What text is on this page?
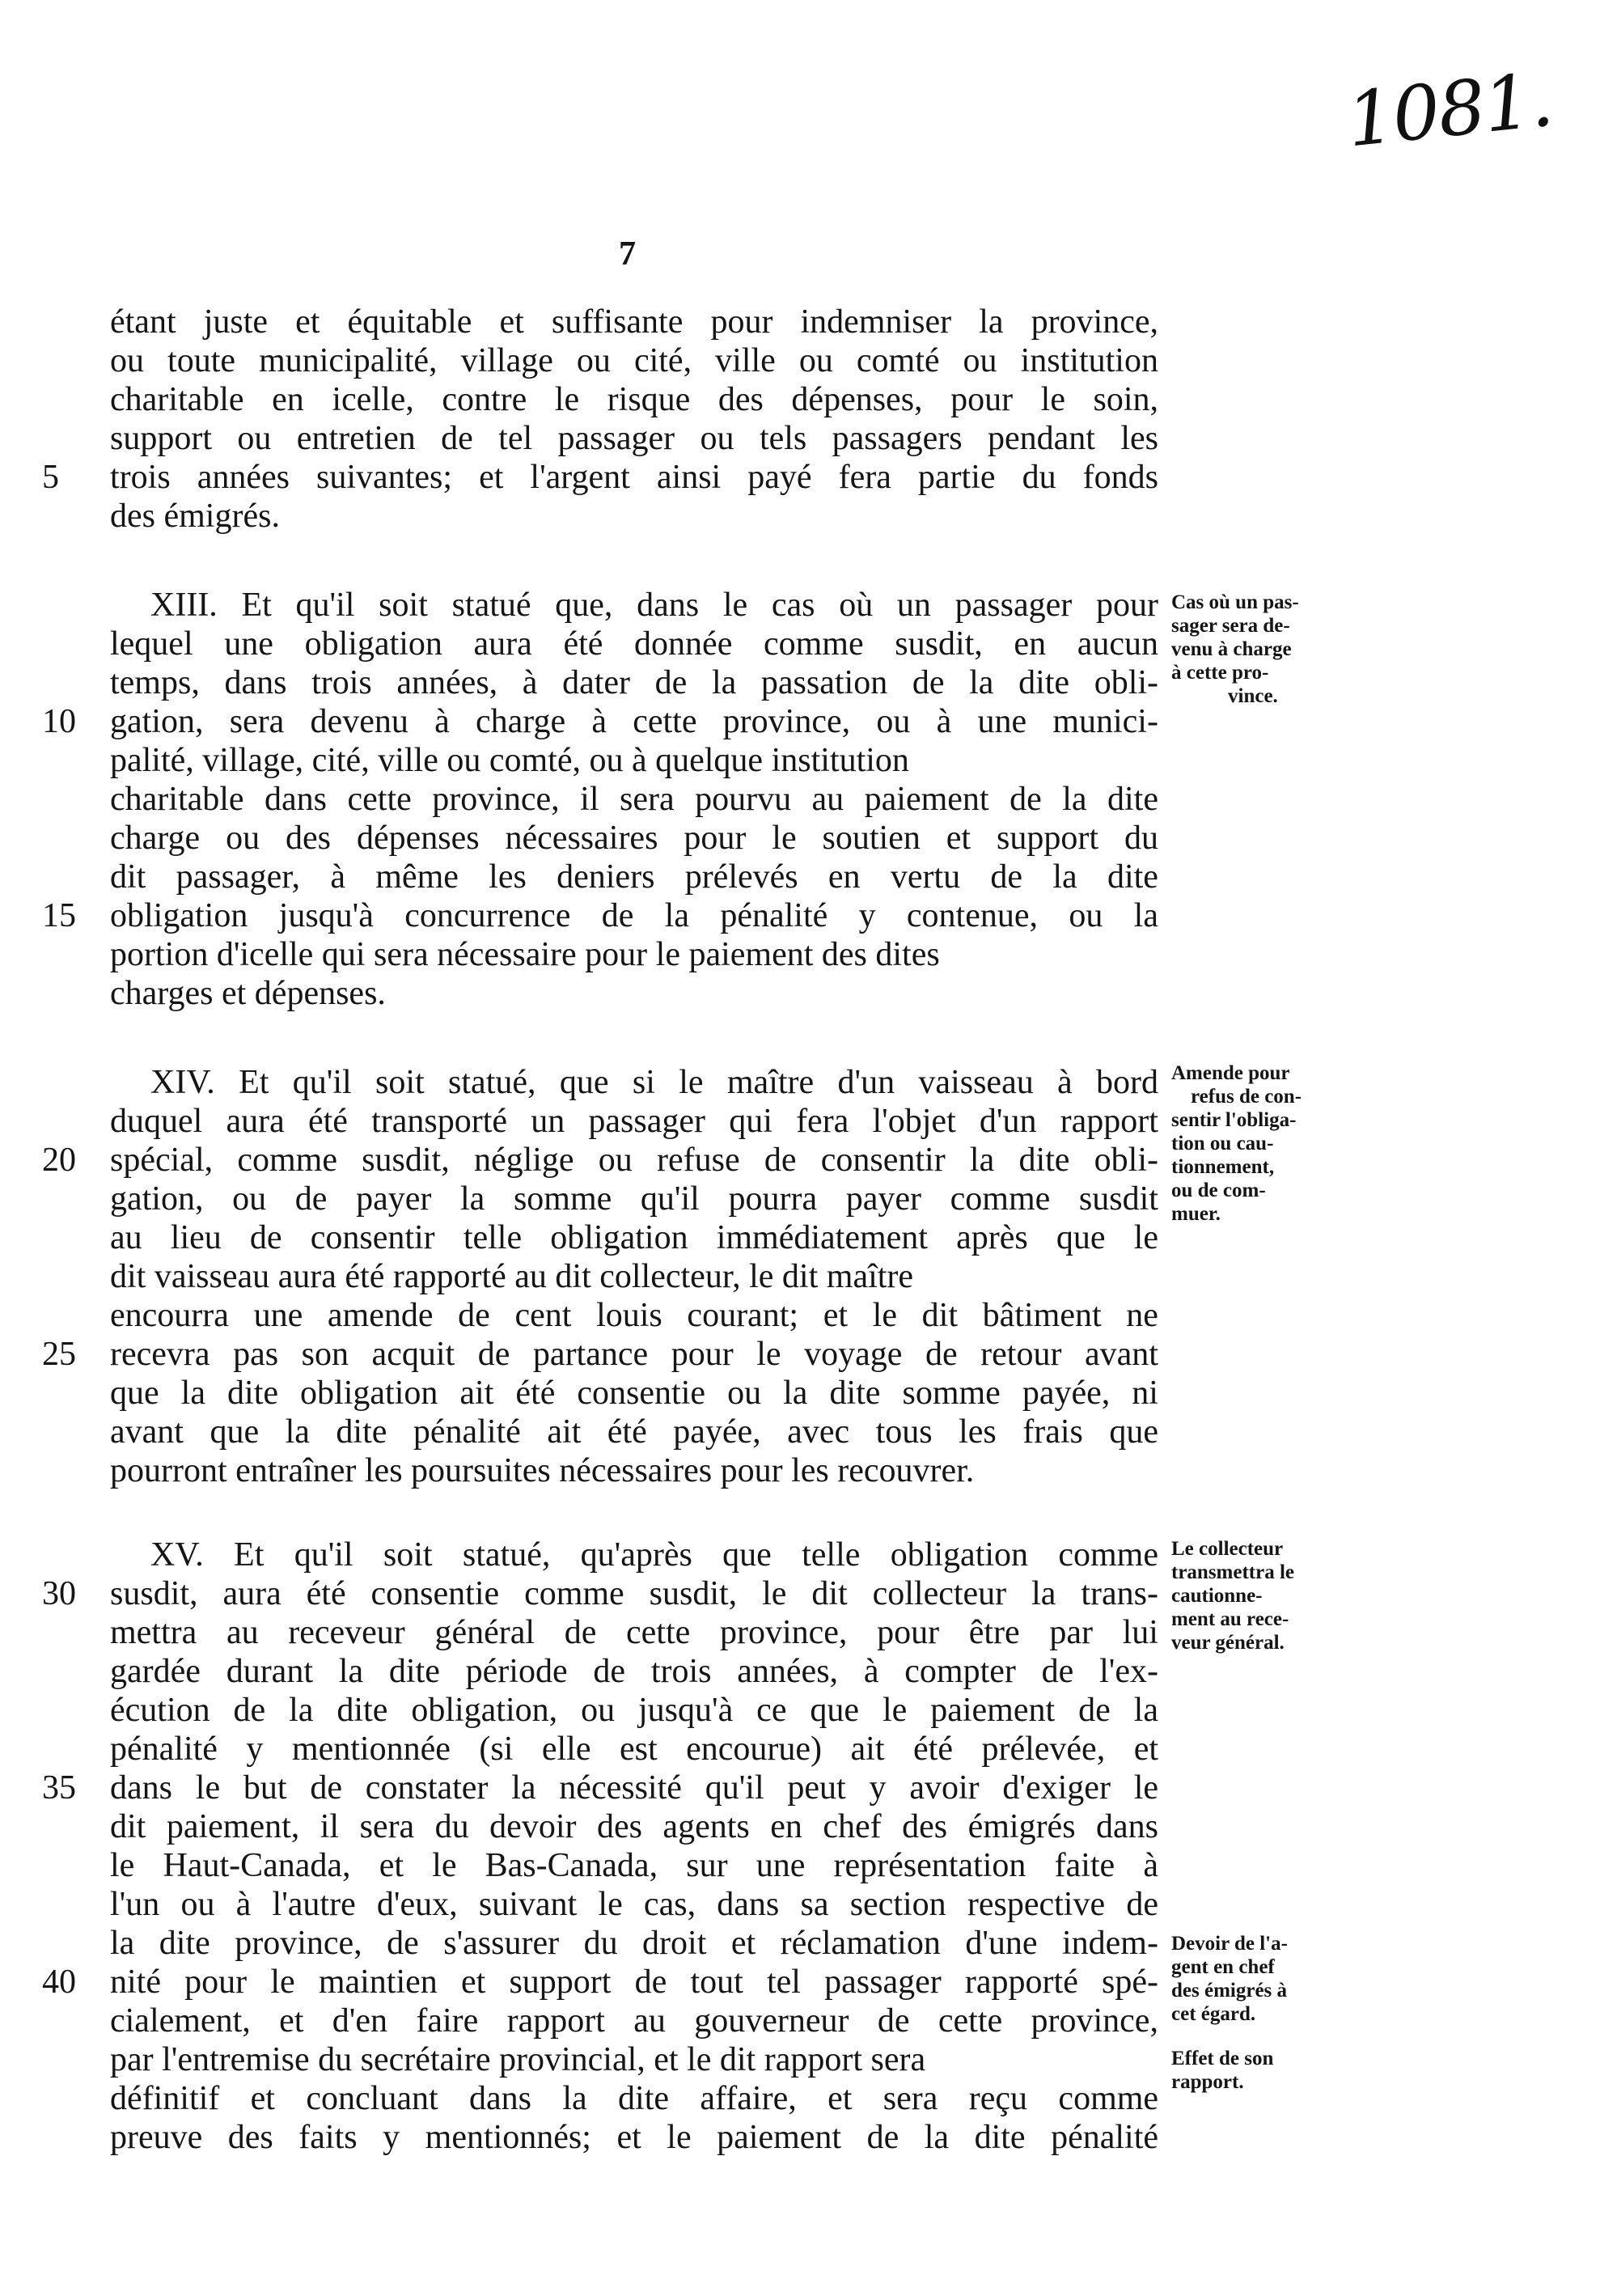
1081.
7
étant juste et équitable et suffisante pour indemniser la province,
ou toute municipalité, village ou cité, ville ou comté ou institution
charitable en icelle, contre le risque des dépenses, pour le soin,
support ou entretien de tel passager ou tels passagers pendant les
trois années suivantes; et l'argent ainsi payé fera partie du fonds
des émigrés.
XIII. Et qu'il soit statué que, dans le cas où un passager pour
lequel une obligation aura été donnée comme susdit, en aucun
temps, dans trois années, à dater de la passation de la dite obli-
gation, sera devenu à charge à cette province, ou à une munici-
palité, village, cité, ville ou comté, ou à quelque institution
charitable dans cette province, il sera pourvu au paiement de la dite
charge ou des dépenses nécessaires pour le soutien et support du
dit passager, à même les deniers prélevés en vertu de la dite
obligation jusqu'à concurrence de la pénalité y contenue, ou la
portion d'icelle qui sera nécessaire pour le paiement des dites
charges et dépenses.
XIV. Et qu'il soit statué, que si le maître d'un vaisseau à bord
duquel aura été transporté un passager qui fera l'objet d'un rapport
spécial, comme susdit, néglige ou refuse de consentir la dite obli-
gation, ou de payer la somme qu'il pourra payer comme susdit
au lieu de consentir telle obligation immédiatement après que le
dit vaisseau aura été rapporté au dit collecteur, le dit maître
encourra une amende de cent louis courant; et le dit bâtiment ne
recevra pas son acquit de partance pour le voyage de retour avant
que la dite obligation ait été consentie ou la dite somme payée, ni
avant que la dite pénalité ait été payée, avec tous les frais que
pourront entraîner les poursuites nécessaires pour les recouvrer.
XV. Et qu'il soit statué, qu'après que telle obligation comme
susdit, aura été consentie comme susdit, le dit collecteur la trans-
mettra au receveur général de cette province, pour être par lui
gardée durant la dite période de trois années, à compter de l'ex-
écution de la dite obligation, ou jusqu'à ce que le paiement de la
pénalité y mentionnée (si elle est encourue) ait été prélevée, et
dans le but de constater la nécessité qu'il peut y avoir d'exiger le
dit paiement, il sera du devoir des agents en chef des émigrés dans
le Haut-Canada, et le Bas-Canada, sur une représentation faite à
l'un ou à l'autre d'eux, suivant le cas, dans sa section respective de
la dite province, de s'assurer du droit et réclamation d'une indem-
nité pour le maintien et support de tout tel passager rapporté spé-
cialement, et d'en faire rapport au gouverneur de cette province,
par l'entremise du secrétaire provincial, et le dit rapport sera
définitif et concluant dans la dite affaire, et sera reçu comme
preuve des faits y mentionnés; et le paiement de la dite pénalité
5
10
15
20
25
30
35
40
Cas où un pas-
sager sera de-
venu à charge
à cette pro-
vince.
Amende pour
refus de con-
sentir l'obliga-
tion ou cau-
tionnement,
ou de com-
muer.
Le collecteur
transmettra le
cautionne-
ment au rece-
veur général.
Devoir de l'a-
gent en chef
des émigrés à
cet égard.
Effet de son
rapport.
